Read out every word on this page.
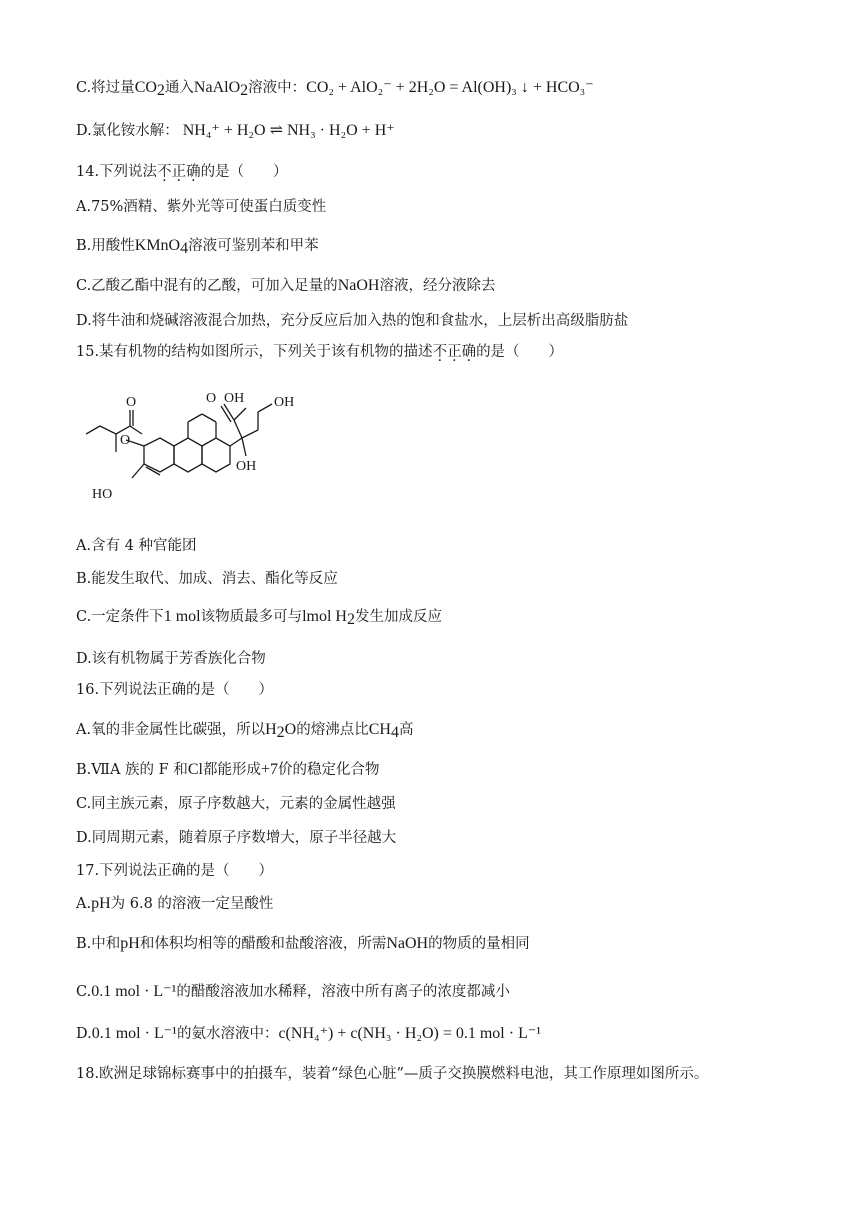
C.将过量$CO_2$通入NaAlO$_2$溶液中：CO₂ + AlO₂⁻ + 2H₂O = Al(OH)₃ ↓ + HCO₃⁻
D.氯化铵水解： NH₄⁺ + H₂O ⇌ NH₃ · H₂O + H⁺
14.下列说法不正确的是（　　）
A.75%酒精、紫外光等可使蛋白质变性
B.用酸性KMnO$_4$溶液可鉴别苯和甲苯
C.乙酸乙酯中混有的乙酸，可加入足量的NaOH溶液，经分液除去
D.将牛油和烧碱溶液混合加热，充分反应后加入热的饱和食盐水，上层析出高级脂肪盐
15.某有机物的结构如图所示，下列关于该有机物的描述不正确的是（　　）
O
O
O OH OH
OH
HO
A.含有 4 种官能团
B.能发生取代、加成、消去、酯化等反应
C.一定条件下1 mol该物质最多可与lmol $H_2$发生加成反应
D.该有机物属于芳香族化合物
16.下列说法正确的是（　　）
A.氧的非金属性比碳强，所以$H_2O$的熔沸点比$CH_4$高
B.ⅦA 族的 F 和Cl都能形成+7价的稳定化合物
C.同主族元素，原子序数越大，元素的金属性越强
D.同周期元素，随着原子序数增大，原子半径越大
17.下列说法正确的是（　　）
A.pH为 6.8 的溶液一定呈酸性
B.中和pH和体积均相等的醋酸和盐酸溶液，所需NaOH的物质的量相同
C.0.1 mol · L⁻¹的醋酸溶液加水稀释，溶液中所有离子的浓度都减小
D.0.1 mol · L⁻¹的氨水溶液中：c(NH₄⁺) + c(NH₃ · H₂O) = 0.1 mol · L⁻¹
18.欧洲足球锦标赛事中的拍摄车，装着“绿色心脏”—质子交换膜燃料电池，其工作原理如图所示。
